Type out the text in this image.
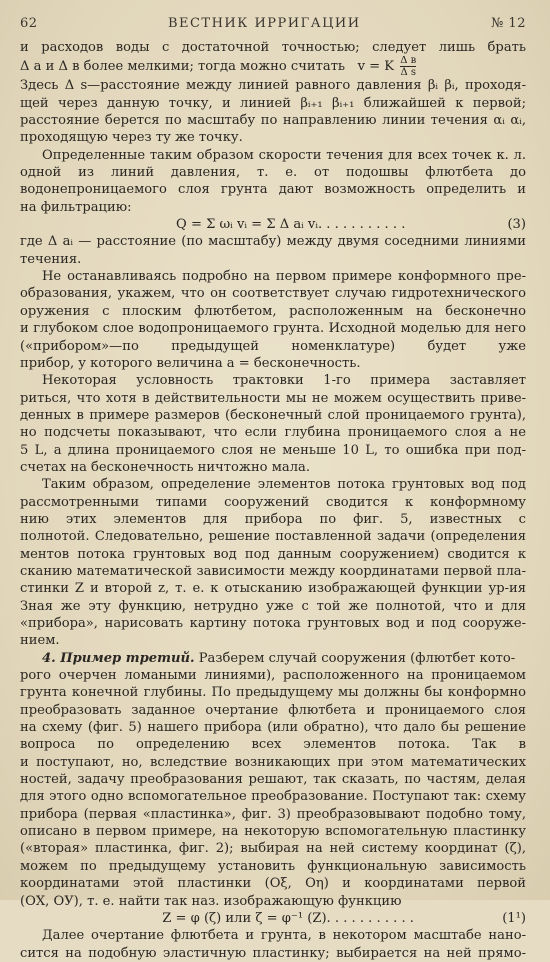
62	ВЕСТНИК ИРРИГАЦИИ	№ 12
и расходов воды с достаточной точностью; следует лишь брать
Δ а и Δ в более мелкими; тогда можно считать v = K $\frac{\text{Δ в}}{\text{Δ s}}$
Здесь Δ s—расстояние между линией равного давления βᵢ βᵢ, проходя-
щей через данную точку, и линией βᵢ₊₁ βᵢ₊₁ ближайшей к первой;
расстояние берется по масштабу по направлению линии течения αᵢ αᵢ,
проходящую через ту же точку.
Определенные таким образом скорости течения для всех точек к. л.
одной из линий давления, т. е. от подошвы флютбета до
водонепроницаемого слоя грунта дают возможность определить и
на фильтрацию:
Q = Σ ωᵢ vᵢ = Σ Δ aᵢ vᵢ. . . . . . . . . . .	(3)
где Δ aᵢ — расстояние (по масштабу) между двумя соседними линиями
течения.
Не останавливаясь подробно на первом примере конформного пре-
образования, укажем, что он соответствует случаю гидротехнического
оружения с плоским флютбетом, расположенным на бесконечно
и глубоком слое водопроницаемого грунта. Исходной моделью для него
(«прибором»—по предыдущей номенклатуре) будет уже
прибор, у которого величина а = бесконечность.
Некоторая условность трактовки 1-го примера заставляет
риться, что хотя в действительности мы не можем осуществить приве-
денных в примере размеров (бесконечный слой проницаемого грунта),
но подсчеты показывают, что если глубина проницаемого слоя а не
5 L, а длина проницаемого слоя не меньше 10 L, то ошибка при под-
счетах на бесконечность ничтожно мала.
Таким образом, определение элементов потока грунтовых вод под
рассмотренными типами сооружений сводится к конформному
нию этих элементов для прибора по фиг. 5, известных с
полнотой. Следовательно, решение поставленной задачи (определения
ментов потока грунтовых вод под данным сооружением) сводится к
сканию математической зависимости между координатами первой пла-
стинки Z и второй z, т. е. к отысканию изображающей функции ур-ия
Зная же эту функцию, нетрудно уже с той же полнотой, что и для
«прибора», нарисовать картину потока грунтовых вод и под сооруже-
нием.
4. Пример третий. Разберем случай сооружения (флютбет кото-
рого очерчен ломаными линиями), расположенного на проницаемом
грунта конечной глубины. По предыдущему мы должны бы конформно
преобразовать заданное очертание флютбета и проницаемого слоя
на схему (фиг. 5) нашего прибора (или обратно), что дало бы решение
вопроса по определению всех элементов потока. Так в
и поступают, но, вследствие возникающих при этом математических
ностей, задачу преобразования решают, так сказать, по частям, делая
для этого одно вспомогательное преобразование. Поступают так: схему
прибора (первая «пластинка», фиг. 3) преобразовывают подобно тому,
описано в первом примере, на некоторую вспомогательную пластинку
(«вторая» пластинка, фиг. 2); выбирая на ней систему координат (ζ),
можем по предыдущему установить функциональную зависимость
координатами этой пластинки (Oξ, Oη) и координатами первой
(ОХ, ОУ), т. е. найти так наз. изображающую функцию
Z = φ (ζ) или ζ = φ⁻¹ (Z). . . . . . . . . . .	(1¹)
Далее очертание флютбета и грунта, в некотором масштабе нано-
сится на подобную эластичную пластинку; выбирается на ней прямо-
